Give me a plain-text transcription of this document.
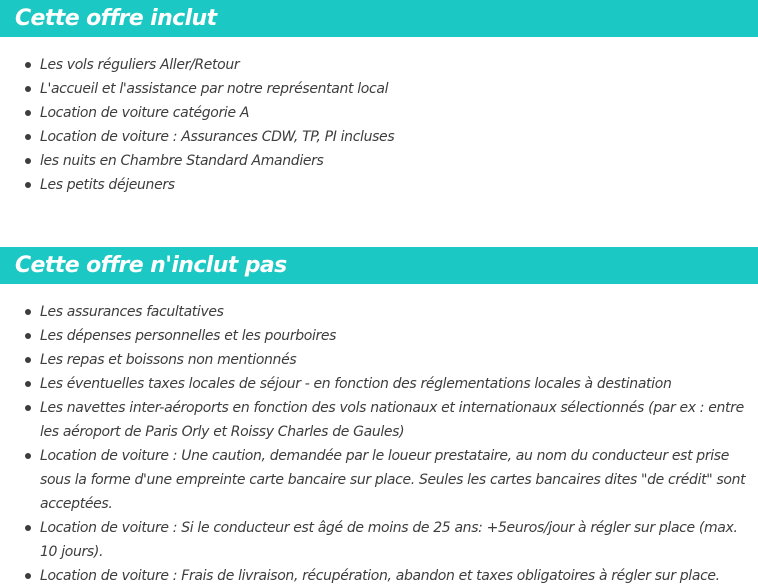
Cette offre inclut
Les vols réguliers Aller/Retour
L'accueil et l'assistance par notre représentant local
Location de voiture catégorie A
Location de voiture : Assurances CDW, TP, PI incluses
les nuits en Chambre Standard Amandiers
Les petits déjeuners
Cette offre n'inclut pas
Les assurances facultatives
Les dépenses personnelles et les pourboires
Les repas et boissons non mentionnés
Les éventuelles taxes locales de séjour - en fonction des réglementations locales à destination
Les navettes inter-aéroports en fonction des vols nationaux et internationaux sélectionnés (par ex : entre les aéroport de Paris Orly et Roissy Charles de Gaules)
Location de voiture : Une caution, demandée par le loueur prestataire, au nom du conducteur est prise sous la forme d'une empreinte carte bancaire sur place. Seules les cartes bancaires dites "de crédit" sont acceptées.
Location de voiture : Si le conducteur est âgé de moins de 25 ans: +5euros/jour à régler sur place (max. 10 jours).
Location de voiture : Frais de livraison, récupération, abandon et taxes obligatoires à régler sur place.
